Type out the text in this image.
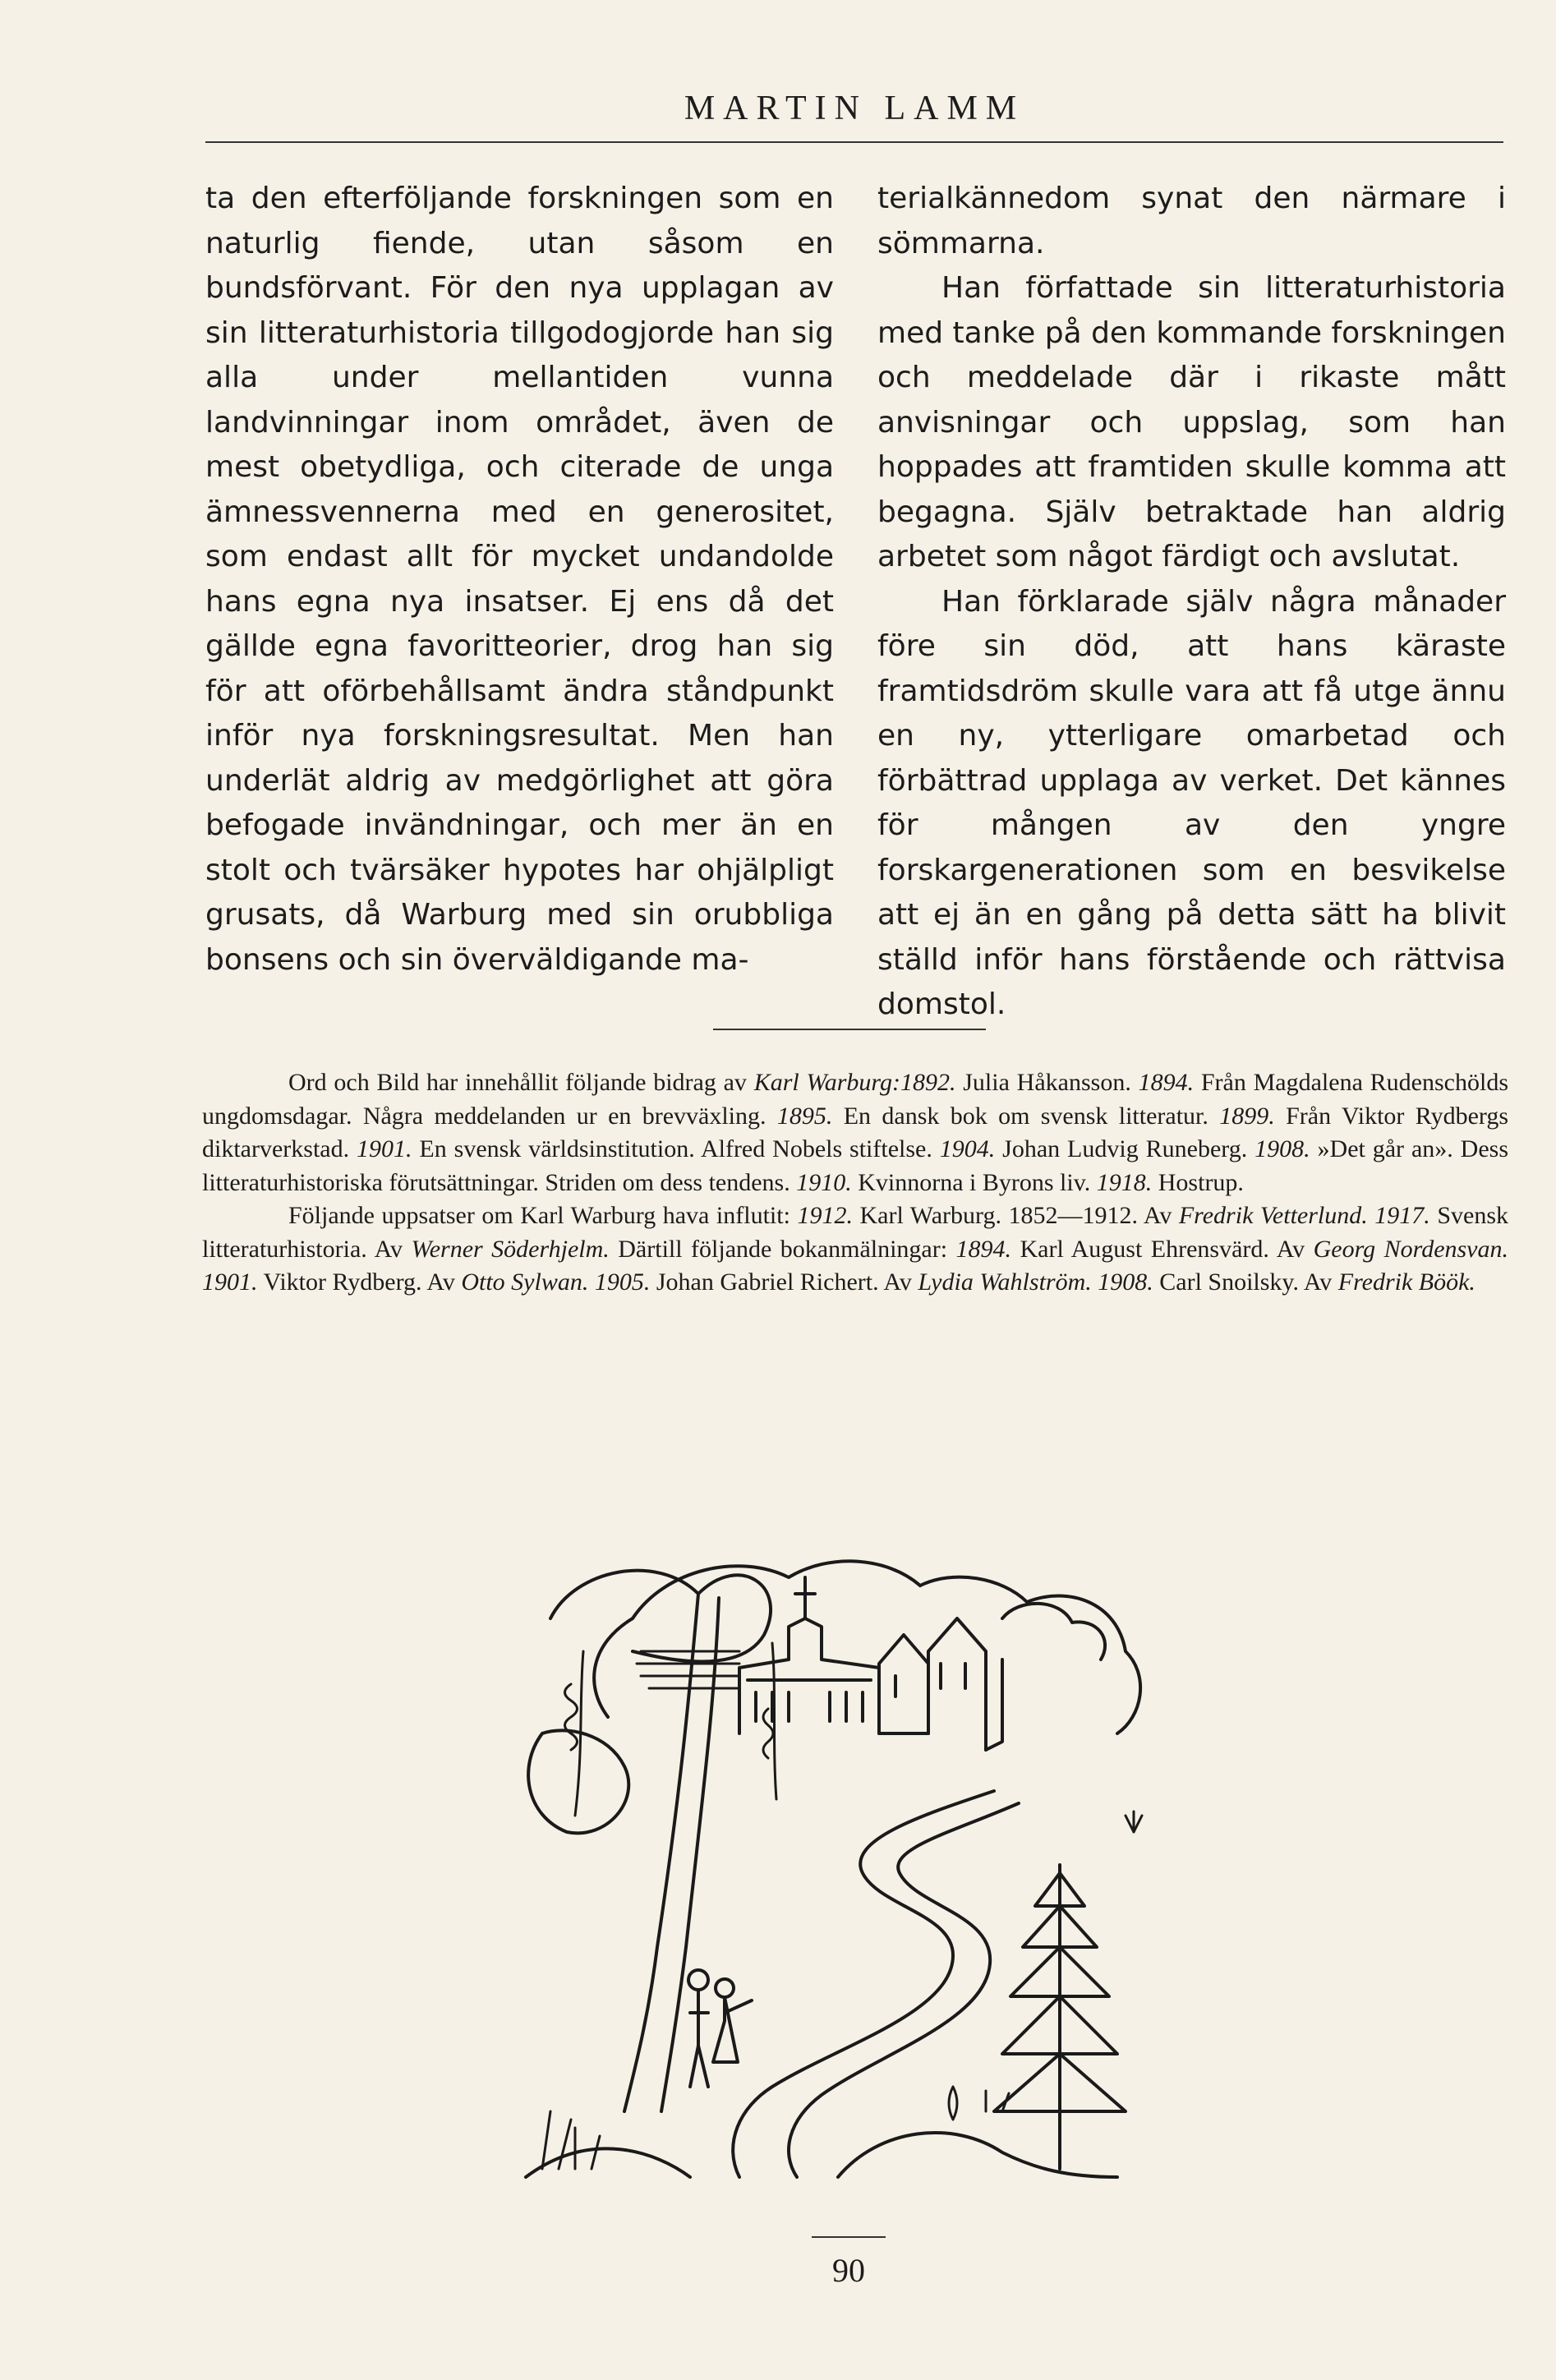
MARTIN LAMM

ta den efterföljande forskningen som en naturlig fiende, utan såsom en bundsförvant. För den nya upplagan av sin litteraturhistoria tillgodogjorde han sig alla under mellantiden vunna landvinningar inom området, även de mest obetydliga, och citerade de unga ämnessvennerna med en generositet, som endast allt för mycket undandolde hans egna nya insatser. Ej ens då det gällde egna favoritteorier, drog han sig för att oförbehållsamt ändra ståndpunkt inför nya forskningsresultat. Men han underlät aldrig av medgörlighet att göra befogade invändningar, och mer än en stolt och tvärsäker hypotes har ohjälpligt grusats, då Warburg med sin orubbliga bonsens och sin överväldigande ma-

terialkännedom synat den närmare i sömmarna.

Han författade sin litteraturhistoria med tanke på den kommande forskningen och meddelade där i rikaste mått anvisningar och uppslag, som han hoppades att framtiden skulle komma att begagna. Själv betraktade han aldrig arbetet som något färdigt och avslutat.

Han förklarade själv några månader före sin död, att hans käraste framtidsdröm skulle vara att få utge ännu en ny, ytterligare omarbetad och förbättrad upplaga av verket. Det kännes för mången av den yngre forskargenerationen som en besvikelse att ej än en gång på detta sätt ha blivit ställd inför hans förstående och rättvisa domstol.

Ord och Bild har innehållit följande bidrag av Karl Warburg:1892. Julia Håkansson. 1894. Från Magdalena Rudenschölds ungdomsdagar. Några meddelanden ur en brevväxling. 1895. En dansk bok om svensk litteratur. 1899. Från Viktor Rydbergs diktarverkstad. 1901. En svensk världsinstitution. Alfred Nobels stiftelse. 1904. Johan Ludvig Runeberg. 1908. »Det går an». Dess litteraturhistoriska förutsättningar. Striden om dess tendens. 1910. Kvinnorna i Byrons liv. 1918. Hostrup.

Följande uppsatser om Karl Warburg hava influtit: 1912. Karl Warburg. 1852—1912. Av Fredrik Vetterlund. 1917. Svensk litteraturhistoria. Av Werner Söderhjelm. Därtill följande bokanmälningar: 1894. Karl August Ehrensvärd. Av Georg Nordensvan. 1901. Viktor Rydberg. Av Otto Sylwan. 1905. Johan Gabriel Richert. Av Lydia Wahlström. 1908. Carl Snoilsky. Av Fredrik Böök.

90
